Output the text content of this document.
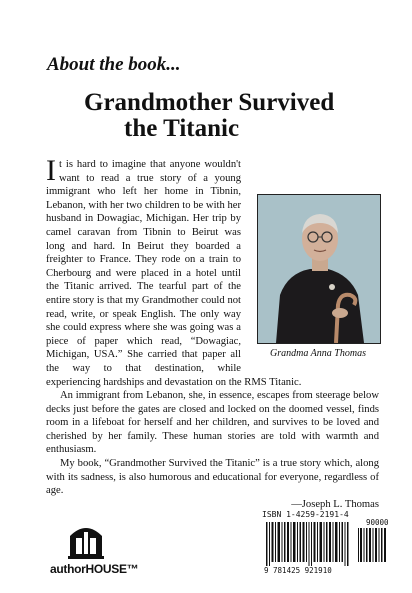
About the book...
Grandmother Survived
the Titanic
Grandma Anna Thomas

It is hard to imagine that anyone wouldn't want to read a true story of a young immigrant who left her home in Tibnin, Lebanon, with her two children to be with her husband in Dowagiac, Michigan. Her trip by camel caravan from Tibnin to Beirut was long and hard. In Beirut they boarded a freighter to France. They rode on a train to Cherbourg and were placed in a hotel until the Titanic arrived. The tearful part of the entire story is that my Grandmother could not read, write, or speak English. The only way she could express where she was going was a piece of paper which read, “Dowagiac, Michigan, USA.” She carried that paper all the way to that destination, while experiencing hardships and devastation on the RMS Titanic.

An immigrant from Lebanon, she, in essence, escapes from steerage below decks just before the gates are closed and locked on the doomed vessel, finds room in a lifeboat for herself and her children, and survives to be loved and cherished by her family. These human stories are told with warmth and enthusiasm.

My book, “Grandmother Survived the Titanic” is a true story which, along with its sadness, is also humorous and educational for everyone, regardless of age.

—Joseph L. Thomas

authorHOUSE™
ISBN 1-4259-2191-4
90000
9 781425 921910
